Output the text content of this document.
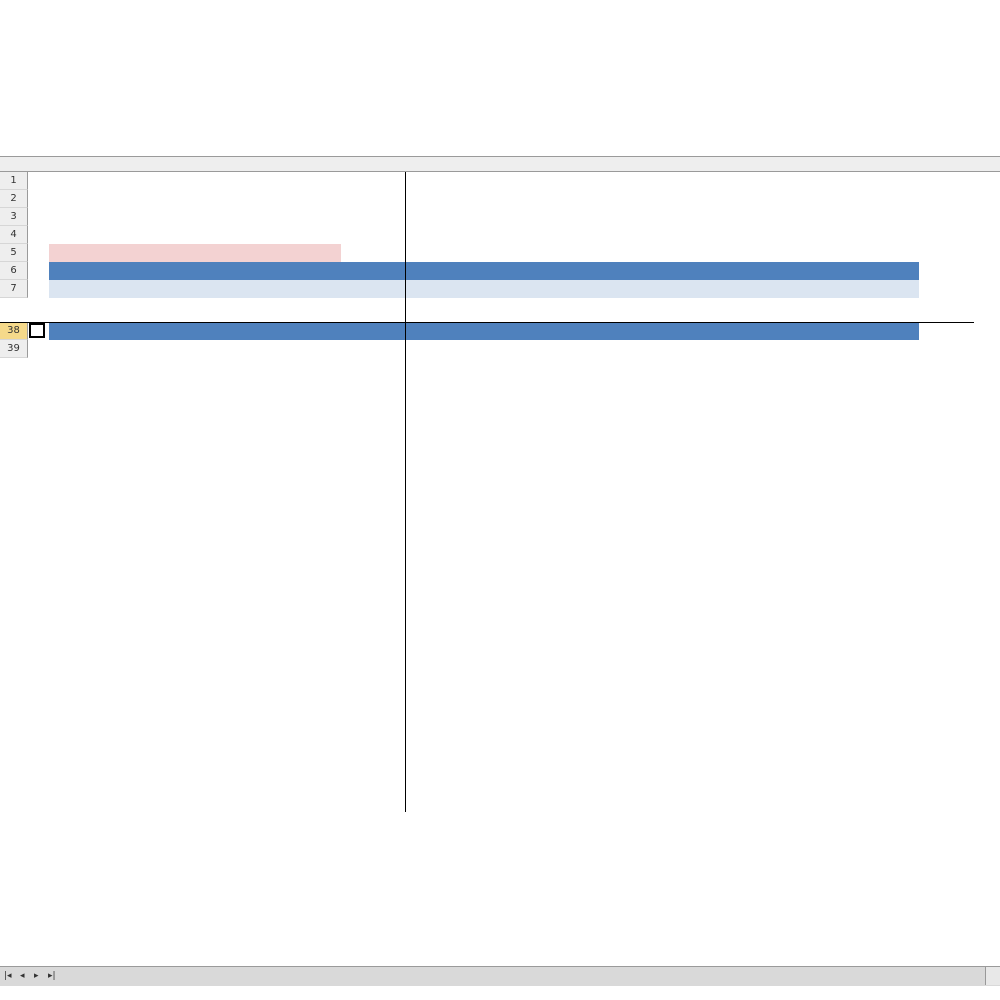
1
2
3
4
5
6
7
38
39
|◂ ◂ ▸ ▸|
